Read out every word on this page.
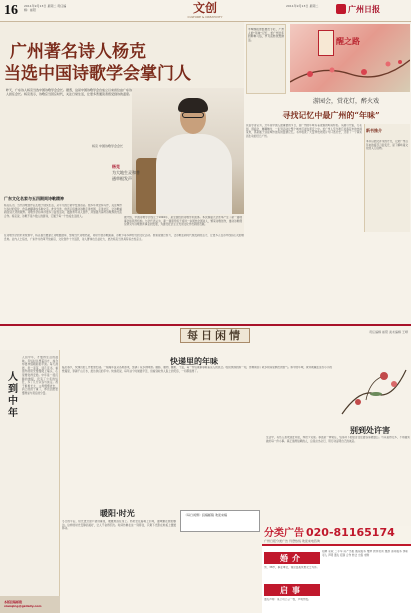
16 2011年9月13日 星期二 责任编辑：崔阳	文创
CULTURE & CREATIVITY
2011年9月13日 星期二	广州日报
广州著名诗人杨克
当选中国诗歌学会掌门人
昨天，广东诗人杨克当选中国诗歌学会会长。据悉，这是中国诗歌学会自成立以来首位由广东诗人担任会长。杨克表示，诗歌应当回应时代，关注日常生活，让更多普通读者感受到诗的温度。
杨克 中国诗歌学会会长
杨克
为大地生灵和普通草根发声
广东文化名家与五四期间诗歌精神
杨克认为，当代诗歌创作应扎根于现实生活，从平凡的日常中发现诗意。他多年来坚持写作，关注城市与乡村的变化，作品被翻译成多种文字。此次当选，他表示将推动诗歌走进校园、走进社区，让诗歌重新回到大众的视野。诗歌学会将举办更多公益性活动，鼓励青年诗人创作，并加强与海外诗歌界的交流合作。杨克说，诗歌不是少数人的游戏，它属于每一个热爱生活的人。	据介绍，中国诗歌学会成立于1994年，是全国性的诗歌学术团体。本次换届大会选举产生了新一届理事会和领导机构。与会代表认为，新一届领导班子将进一步团结全国诗人，繁荣诗歌创作，推动诗歌理论研究与诗歌教育事业的发展，为建设社会主义先进文化作出新的贡献。
羊城晚报曾经推出专栏，广州人的“年味”记忆，老广州过年的种种习俗，岁月流转依然鲜活。	醒之路
游园会，赏花灯，醉火戏
寻找记忆中最广州的“年味”
民俗学者认为，过年是中国人最重要的节日，而广州的年味有着浓郁的岭南特色。从腊月开始，行花街、逛庙会、舞狮舞龙，一系列活动让整个城市沉浸在喜庆之中。老广州人至今难忘迎春花市的热闹景象，那是属于这座城市独有的温情记忆。书中收录了大量珍贵老照片与口述历史，还原了一个真实而生动的旧日广州。
新书推介
本书以图文并茂的方式，记录广州百年来的春节习俗变迁，是了解岭南文化的入门读物。
在诗歌学会的未来规划中，杨克提出要建立诗歌数据库，整理当代诗歌档案，同时开展诗歌朗诵、诗歌节等多种形式的文化活动。他希望通过努力，让诗歌在新时代焕发新的活力，让更多人在诗中找到心灵的栖息地。业内人士指出，广东作为改革开放前沿，文化创作十分活跃，诗人群体也日益壮大，此次杨克当选具有标志性意义。
每日闲情	责任编辑 崔阳 美术编辑 王晴
人到中年
人到中年，才懂得生活的滋味。年轻时总想着远方，如今却更珍惜眼前的平淡。每天清晨，泡一壶茶，读几页书，看窗外的阳光慢慢爬上墙头，心里便觉得安稳。中年是一段沉静的旅程，没有了少年的轻狂，多了几分从容与淡定。孩子渐渐长大，父母慢慢老去，肩上的担子重了，却也因此更懂得爱与责任的分量。
本版投稿邮箱 xianqing@gzdaily.com
快递里的年味
临近春节，快递员的工作更加忙碌。一箱箱年货从各地寄来，装满了家乡的味道。腊肠、腊肉、糖果、干货，每一件包裹都承载着亲人的思念。收到快递的那一刻，仿佛闻到了故乡厨房里飘出的香气。如今的年味，或许就藏在这些小小的纸箱里，穿越千山万水，抵达我们的手中。快递员说，每年这个时候最辛苦，但看到收件人脸上的笑容，一切都值得了。
别到处许害
生活中，有些人喜欢到处许诺，却很少兑现。承诺是一种责任，轻易许下的诺言往往最容易被遗忘。与其说得太多，不如踏实做好每一件小事。真正值得信赖的人，总是言出必行，用行动证明自己的诚意。
暖阳·时光
冬日的午后，阳光透过窗户洒进屋里，暖暖地落在身上。奶奶坐在藤椅上打盹，猫咪蜷在她的脚边。这样的时光安静而美好，让人不舍得打扰。时间仿佛在这一刻停住，只剩下光影在地板上缓缓移动。
《每日闲情》投稿邮箱 欢迎来稿
分类广告 020-81165174
广州日报分类广告 刊登热线 欢迎来电咨询
婚介
男，38岁，事业单位，诚觅温柔贤惠女士为伴。
启事
遗失声明：某公司公章一枚，声明作废。
招聘 家政 二手车 房产出租 搬家服务 维修 教育培训 旅游 商务服务 求职 寻人 声明 遗失 招商 合作 转让 出售 求购
